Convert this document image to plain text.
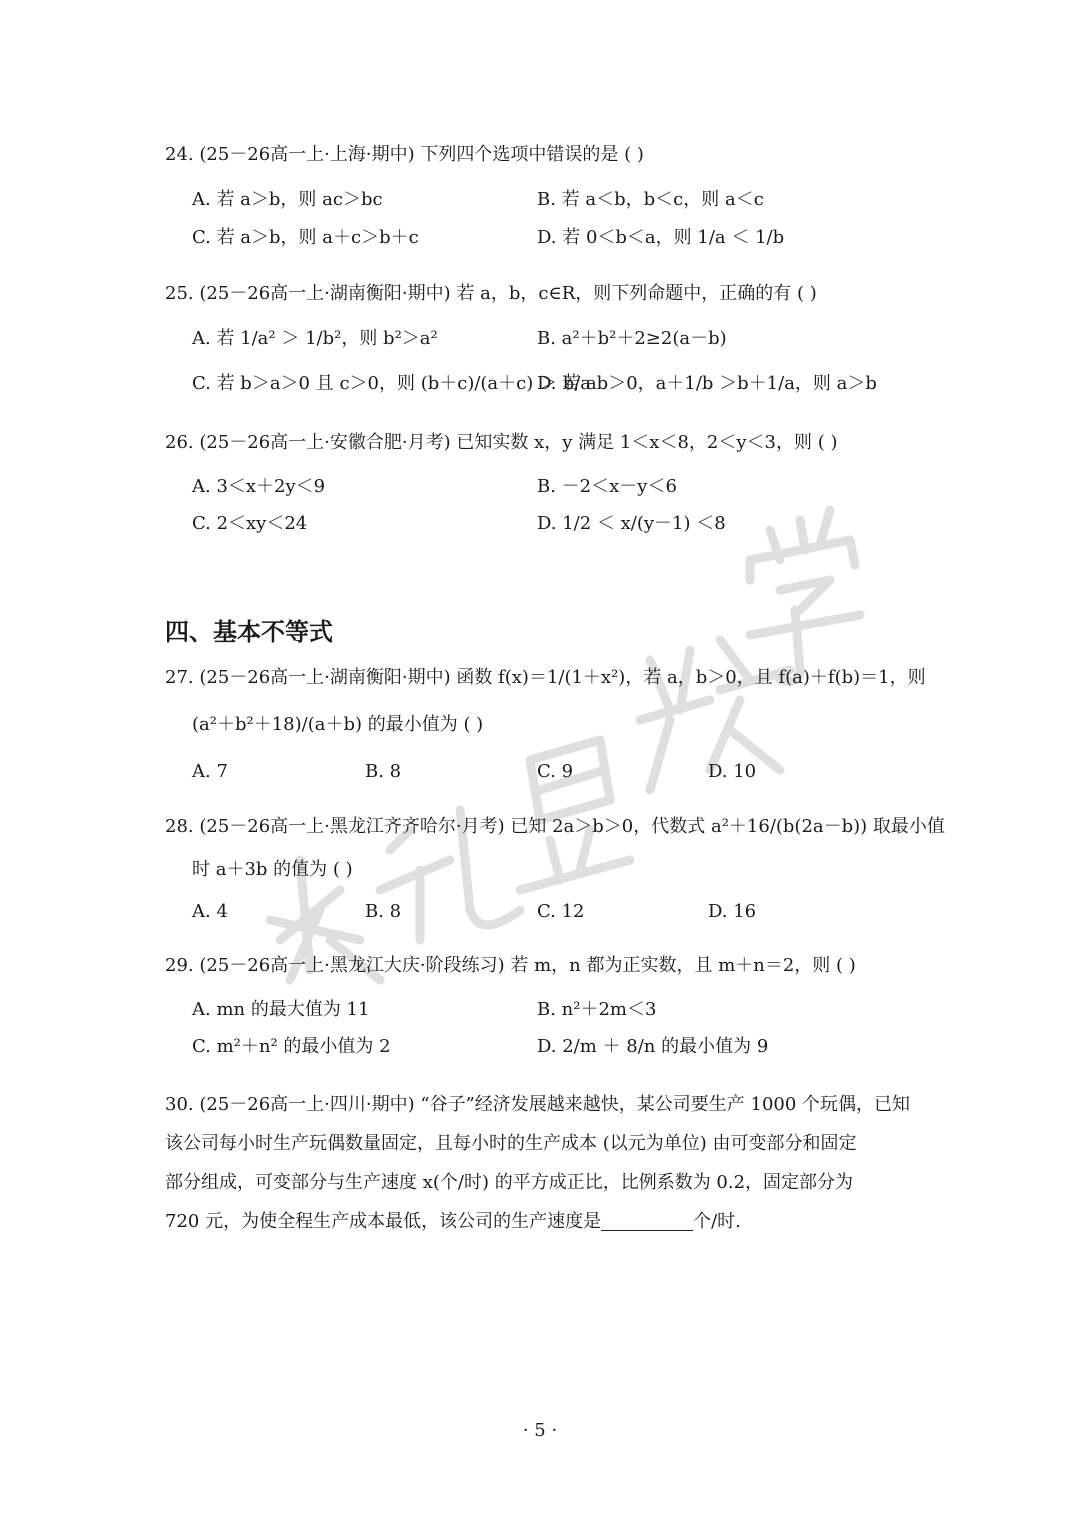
24. (25－26高一上·上海·期中) 下列四个选项中错误的是 ( )
A. 若 a＞b，则 ac＞bc	B. 若 a＜b，b＜c，则 a＜c
C. 若 a＞b，则 a＋c＞b＋c	D. 若 0＜b＜a，则 1/a ＜ 1/b
25. (25－26高一上·湖南衡阳·期中) 若 a，b，c∈R，则下列命题中，正确的有 ( )
A. 若 1/a² ＞ 1/b²，则 b²＞a²	B. a²＋b²＋2≥2(a－b)
C. 若 b＞a＞0 且 c＞0，则 (b＋c)/(a＋c) ＞ b/a
D. 若 ab＞0，a＋1/b ＞b＋1/a，则 a＞b
26. (25－26高一上·安徽合肥·月考) 已知实数 x，y 满足 1＜x＜8，2＜y＜3，则 ( )
A. 3＜x＋2y＜9	B. －2＜x－y＜6
C. 2＜xy＜24	D. 1/2 ＜ x/(y－1) ＜8
四、基本不等式
27. (25－26高一上·湖南衡阳·期中) 函数 f(x)＝1/(1＋x²)，若 a，b＞0，且 f(a)＋f(b)＝1，则
(a²＋b²＋18)/(a＋b) 的最小值为 ( )
A. 7	B. 8	C. 9	D. 10
28. (25－26高一上·黑龙江齐齐哈尔·月考) 已知 2a＞b＞0，代数式 a²＋16/(b(2a－b)) 取最小值
时 a＋3b 的值为 ( )
A. 4	B. 8	C. 12	D. 16
29. (25－26高一上·黑龙江大庆·阶段练习) 若 m，n 都为正实数，且 m＋n＝2，则 ( )
A. mn 的最大值为 11	B. n²＋2m＜3
C. m²＋n² 的最小值为 2	D. 2/m ＋ 8/n 的最小值为 9
30. (25－26高一上·四川·期中) “谷子”经济发展越来越快，某公司要生产 1000 个玩偶，已知
该公司每小时生产玩偶数量固定，且每小时的生产成本 (以元为单位) 由可变部分和固定
部分组成，可变部分与生产速度 x(个/时) 的平方成正比，比例系数为 0.2，固定部分为
720 元，为使全程生产成本最低，该公司的生产速度是	个/时.
· 5 ·
